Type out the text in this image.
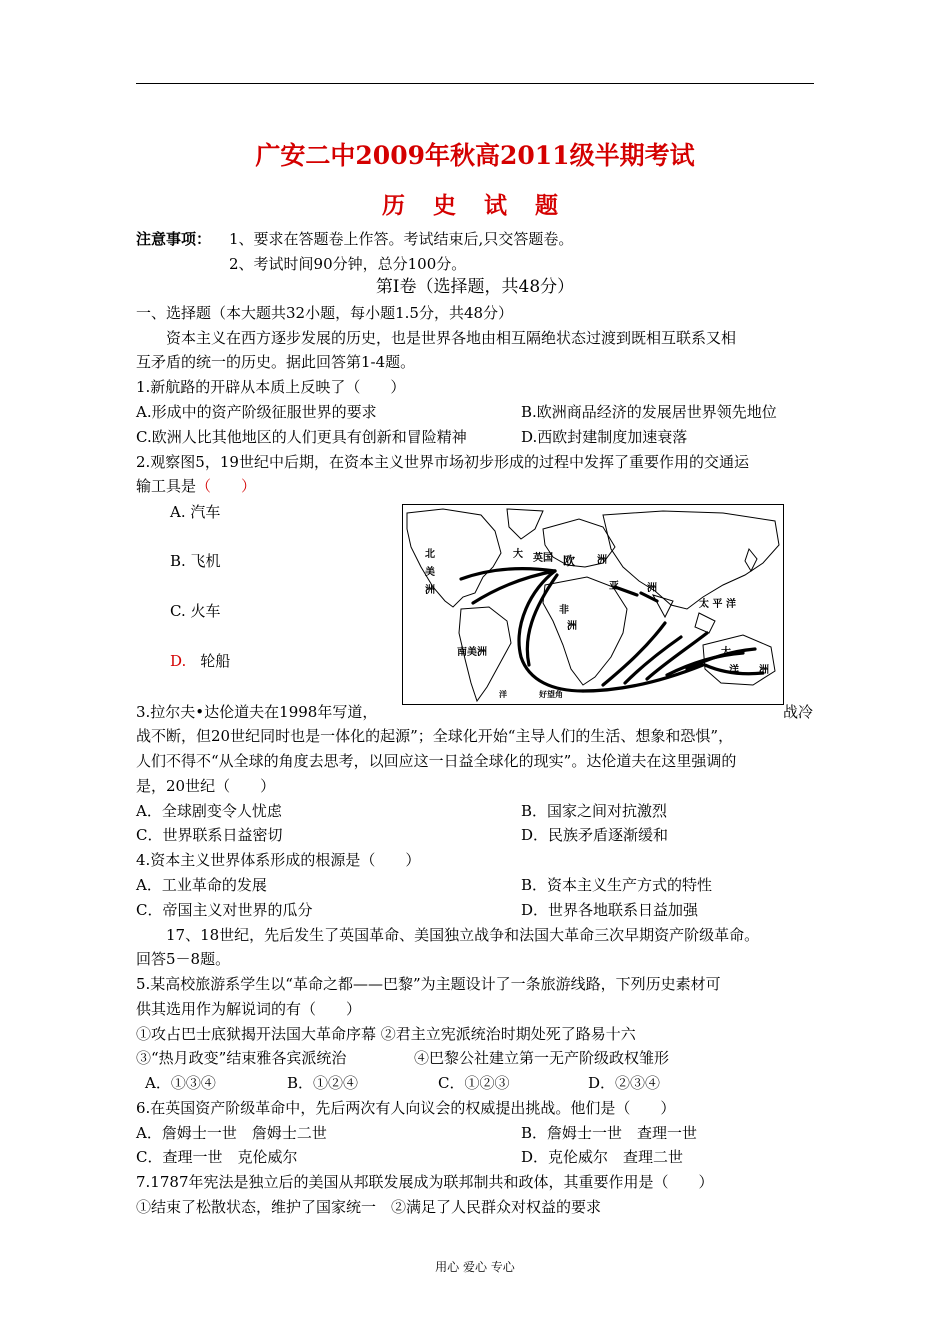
广安二中2009年秋高2011级半期考试
历 史 试 题
注意事项： 1、要求在答题卷上作答。考试结束后,只交答题卷。
2、考试时间90分钟，总分100分。
第Ⅰ卷（选择题，共48分）
一、选择题（本大题共32小题，每小题1.5分，共48分）
资本主义在西方逐步发展的历史，也是世界各地由相互隔绝状态过渡到既相互联系又相
互矛盾的统一的历史。据此回答第1-4题。
1.新航路的开辟从本质上反映了（　　）
A.形成中的资产阶级征服世界的要求	B.欧洲商品经济的发展居世界领先地位
C.欧洲人比其他地区的人们更具有创新和冒险精神	D.西欧封建制度加速衰落
2.观察图5，19世纪中后期，在资本主义世界市场初步形成的过程中发挥了重要作用的交通运
输工具是（　　）
A. 汽车
B. 飞机
C. 火车
D. 轮船
北
美
洲
大 英国 欧 洲
亚	洲
非
洲
太 平 洋
南美洲	大
洋 洲
洋	好望角
3.拉尔夫•达伦道夫在1998年写道，	战冷
战不断，但20世纪同时也是一体化的起源”；全球化开始“主导人们的生活、想象和恐惧”，
人们不得不“从全球的角度去思考，以回应这一日益全球化的现实”。达伦道夫在这里强调的
是，20世纪（　　）
A．全球剧变令人忧虑	B．国家之间对抗激烈
C．世界联系日益密切	D．民族矛盾逐渐缓和
4.资本主义世界体系形成的根源是（　　）
A．工业革命的发展	B．资本主义生产方式的特性
C．帝国主义对世界的瓜分	D．世界各地联系日益加强
17、18世纪，先后发生了英国革命、美国独立战争和法国大革命三次早期资产阶级革命。
回答5－8题。
5.某高校旅游系学生以“革命之都——巴黎”为主题设计了一条旅游线路，下列历史素材可
供其选用作为解说词的有（　　）
①攻占巴士底狱揭开法国大革命序幕 ②君主立宪派统治时期处死了路易十六
③“热月政变”结束雅各宾派统治	④巴黎公社建立第一无产阶级政权雏形
A．①③④	B．①②④	C．①②③	D．②③④
6.在英国资产阶级革命中，先后两次有人向议会的权威提出挑战。他们是（　　）
A．詹姆士一世　詹姆士二世	B．詹姆士一世　查理一世
C．查理一世　克伦威尔	D．克伦威尔　查理二世
7.1787年宪法是独立后的美国从邦联发展成为联邦制共和政体，其重要作用是（　　）
①结束了松散状态，维护了国家统一　②满足了人民群众对权益的要求
用心 爱心 专心
